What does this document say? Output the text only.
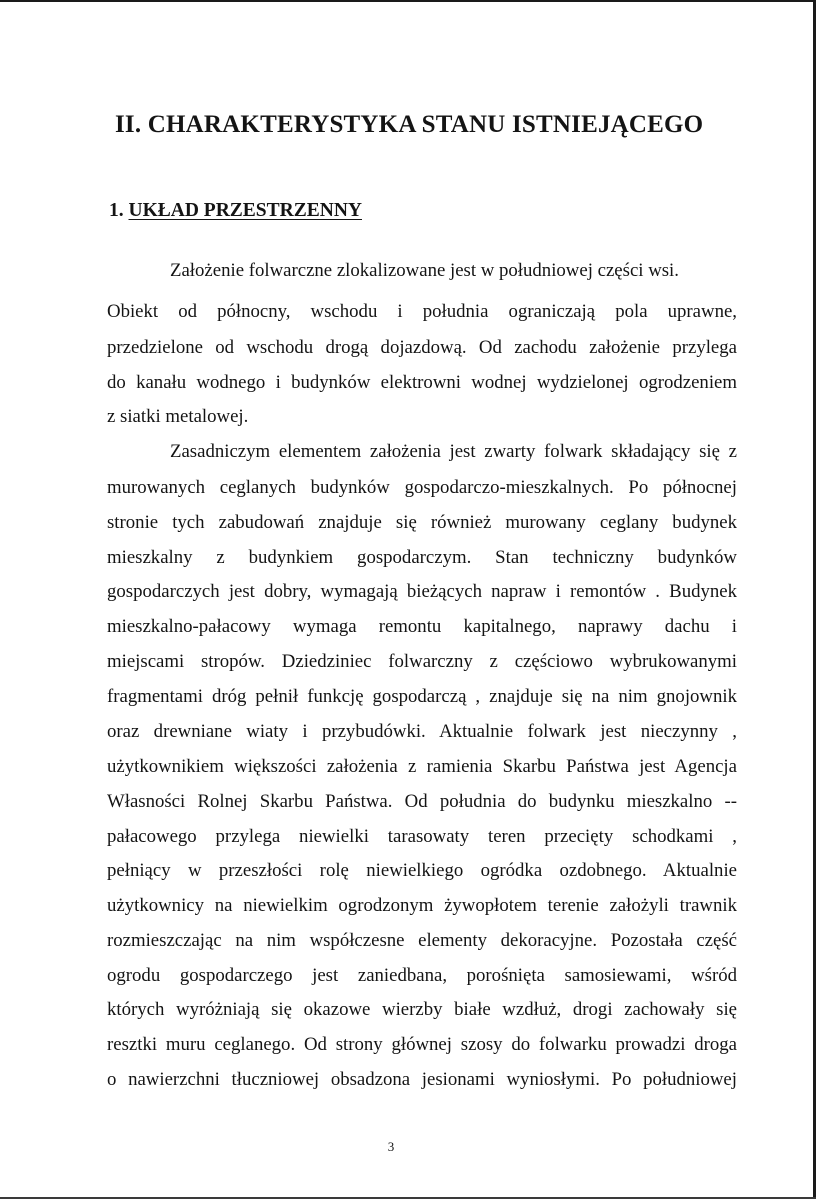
II. CHARAKTERYSTYKA STANU ISTNIEJĄCEGO
1. UKŁAD PRZESTRZENNY

Założenie folwarczne zlokalizowane jest w południowej części wsi.

Obiekt od północny, wschodu i południa ograniczają pola uprawne,

przedzielone od wschodu drogą dojazdową. Od zachodu założenie przylega

do kanału wodnego i budynków elektrowni wodnej wydzielonej ogrodzeniem

z siatki metalowej.

Zasadniczym elementem założenia jest zwarty folwark składający się z

murowanych ceglanych budynków gospodarczo-mieszkalnych. Po północnej

stronie tych zabudowań znajduje się również murowany ceglany budynek

mieszkalny z budynkiem gospodarczym. Stan techniczny budynków

gospodarczych jest dobry, wymagają bieżących napraw i remontów . Budynek

mieszkalno-pałacowy wymaga remontu kapitalnego, naprawy dachu i

miejscami stropów. Dziedziniec folwarczny z częściowo wybrukowanymi

fragmentami dróg pełnił funkcję gospodarczą , znajduje się na nim gnojownik

oraz drewniane wiaty i przybudówki. Aktualnie folwark jest nieczynny ,

użytkownikiem większości założenia z ramienia Skarbu Państwa jest Agencja

Własności Rolnej Skarbu Państwa. Od południa do budynku mieszkalno --

pałacowego przylega niewielki tarasowaty teren przecięty schodkami ,

pełniący w przeszłości rolę niewielkiego ogródka ozdobnego. Aktualnie

użytkownicy na niewielkim ogrodzonym żywopłotem terenie założyli trawnik

rozmieszczając na nim współczesne elementy dekoracyjne. Pozostała część

ogrodu gospodarczego jest zaniedbana, porośnięta samosiewami, wśród

których wyróżniają się okazowe wierzby białe wzdłuż, drogi zachowały się

resztki muru ceglanego. Od strony głównej szosy do folwarku prowadzi droga

o nawierzchni tłuczniowej obsadzona jesionami wyniosłymi. Po południowej

3
